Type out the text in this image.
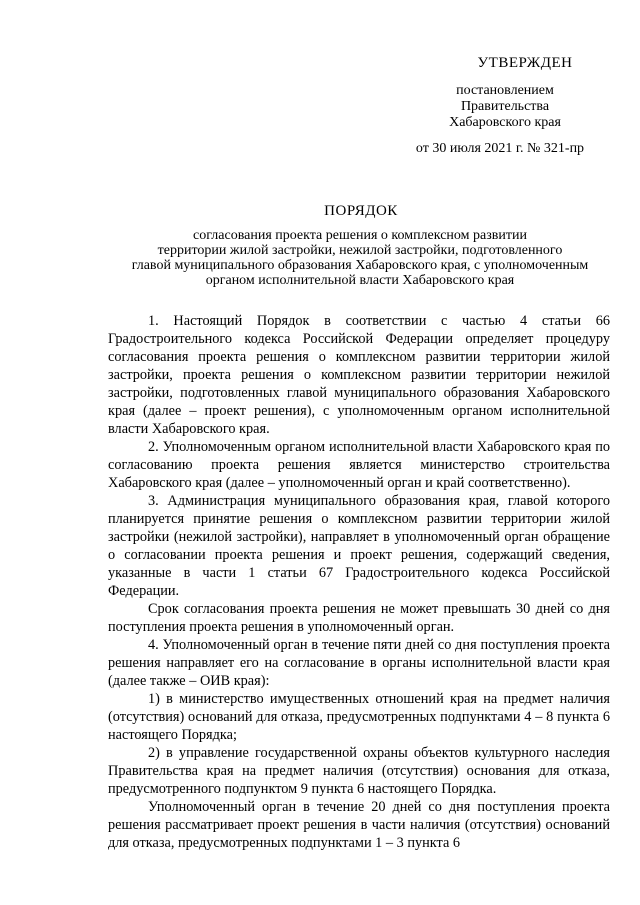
УТВЕРЖДЕН
постановлением
Правительства
Хабаровского края
от 30 июля 2021 г. № 321-пр
ПОРЯДОК
согласования проекта решения о комплексном развитии
территории жилой застройки, нежилой застройки, подготовленного
главой муниципального образования Хабаровского края, с уполномоченным
органом исполнительной власти Хабаровского края

1. Настоящий Порядок в соответствии с частью 4 статьи 66 Градостроительного кодекса Российской Федерации определяет процедуру согласования проекта решения о комплексном развитии территории жилой застройки, проекта решения о комплексном развитии территории нежилой застройки, подготовленных главой муниципального образования Хабаровского края (далее – проект решения), с уполномоченным органом исполнительной власти Хабаровского края.

2. Уполномоченным органом исполнительной власти Хабаровского края по согласованию проекта решения является министерство строительства Хабаровского края (далее – уполномоченный орган и край соответственно).

3. Администрация муниципального образования края, главой которого планируется принятие решения о комплексном развитии территории жилой застройки (нежилой застройки), направляет в уполномоченный орган обращение о согласовании проекта решения и проект решения, содержащий сведения, указанные в части 1 статьи 67 Градостроительного кодекса Российской Федерации.

Срок согласования проекта решения не может превышать 30 дней со дня поступления проекта решения в уполномоченный орган.

4. Уполномоченный орган в течение пяти дней со дня поступления проекта решения направляет его на согласование в органы исполнительной власти края (далее также – ОИВ края):

1) в министерство имущественных отношений края на предмет наличия (отсутствия) оснований для отказа, предусмотренных подпунктами 4 – 8 пункта 6 настоящего Порядка;

2) в управление государственной охраны объектов культурного наследия Правительства края на предмет наличия (отсутствия) основания для отказа, предусмотренного подпунктом 9 пункта 6 настоящего Порядка.

Уполномоченный орган в течение 20 дней со дня поступления проекта решения рассматривает проект решения в части наличия (отсутствия) оснований для отказа, предусмотренных подпунктами 1 – 3 пункта 6
